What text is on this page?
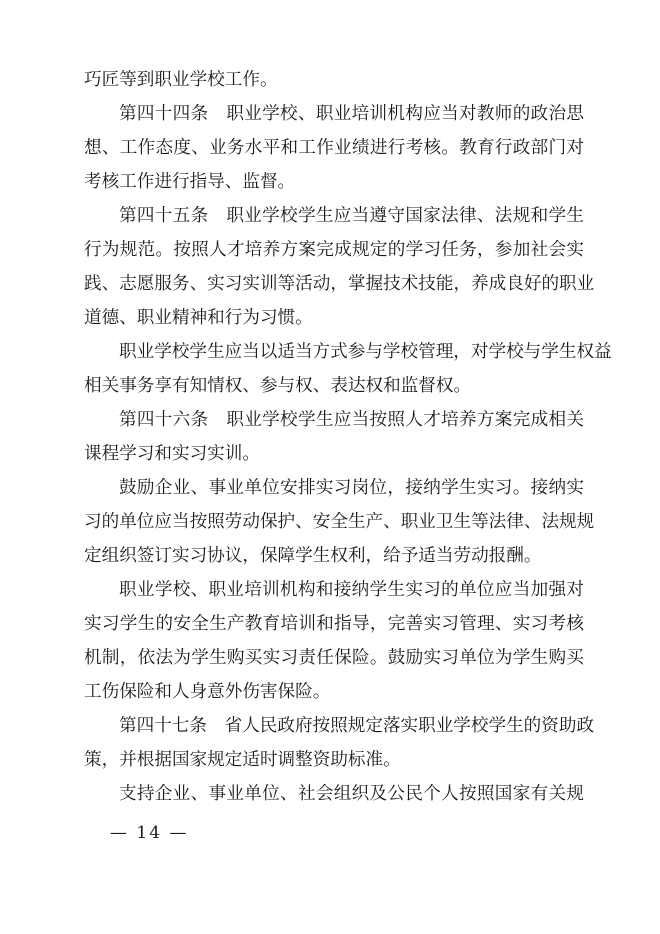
巧匠等到职业学校工作。
第四十四条　职业学校、职业培训机构应当对教师的政治思
想、工作态度、业务水平和工作业绩进行考核。教育行政部门对
考核工作进行指导、监督。
第四十五条　职业学校学生应当遵守国家法律、法规和学生
行为规范。按照人才培养方案完成规定的学习任务，参加社会实
践、志愿服务、实习实训等活动，掌握技术技能，养成良好的职业
道德、职业精神和行为习惯。
职业学校学生应当以适当方式参与学校管理，对学校与学生权益
相关事务享有知情权、参与权、表达权和监督权。
第四十六条　职业学校学生应当按照人才培养方案完成相关
课程学习和实习实训。
鼓励企业、事业单位安排实习岗位，接纳学生实习。接纳实
习的单位应当按照劳动保护、安全生产、职业卫生等法律、法规规
定组织签订实习协议，保障学生权利，给予适当劳动报酬。
职业学校、职业培训机构和接纳学生实习的单位应当加强对
实习学生的安全生产教育培训和指导，完善实习管理、实习考核
机制，依法为学生购买实习责任保险。鼓励实习单位为学生购买
工伤保险和人身意外伤害保险。
第四十七条　省人民政府按照规定落实职业学校学生的资助政
策，并根据国家规定适时调整资助标准。
支持企业、事业单位、社会组织及公民个人按照国家有关规
— 14 —
